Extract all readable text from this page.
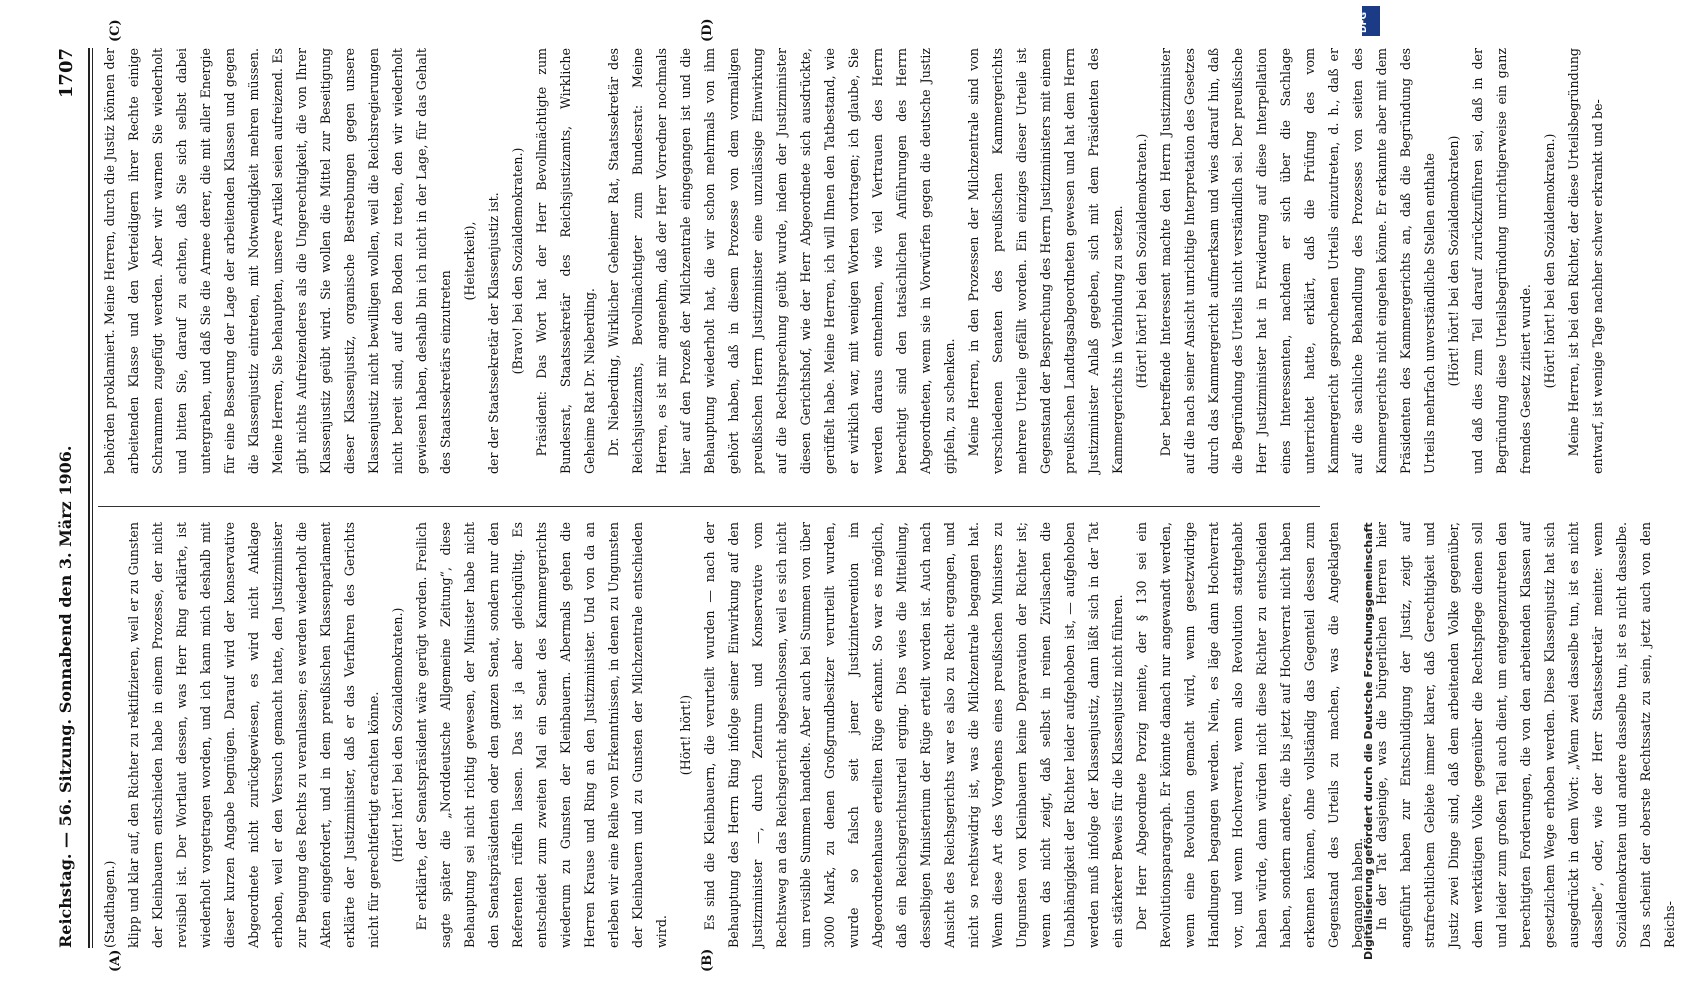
Reichstag. — 56. Sitzung. Sonnabend den 3. März 1906.
1707

(Stadthagen.) klipp und klar auf, den Richter zu rektifizieren, weil er zu Gunsten der Kleinbauern entschieden habe in einem Prozesse, der nicht revisibel ist. Der Wortlaut dessen, was Herr Ring erklärte, ist wiederholt vorgetragen worden, und ich kann mich deshalb mit dieser kurzen Angabe begnügen. Darauf wird der konservative Abgeordnete nicht zurückgewiesen, es wird nicht Anklage erhoben, weil er den Versuch gemacht hatte, den Justizminister zur Beugung des Rechts zu veranlassen; es werden wiederholt die Akten eingefordert, und in dem preußischen Klassenparlament erklärte der Justizminister, daß er das Verfahren des Gerichts nicht für gerechtfertigt erachten könne. (Hört! hört! bei den Sozialdemokraten.) Er erklärte, der Senatspräsident wäre gerügt worden. Freilich sagte später die „Norddeutsche Allgemeine Zeitung“, diese Behauptung sei nicht richtig gewesen, der Minister habe nicht den Senatspräsidenten oder den ganzen Senat, sondern nur den Referenten rüffeln lassen. Das ist ja aber gleichgültig. Es entscheidet zum zweiten Mal ein Senat des Kammergerichts wiederum zu Gunsten der Kleinbauern. Abermals gehen die Herren Krause und Ring an den Justizminister. Und von da an erleben wir eine Reihe von Erkenntnissen, in denen zu Ungunsten der Kleinbauern und zu Gunsten der Milchzentrale entschieden wird.

(Hört! hört!) Es sind die Kleinbauern, die verurteilt wurden — nach der Behauptung des Herrn Ring infolge seiner Einwirkung auf den Justizminister —, durch Zentrum und Konservative vom Rechtsweg an das Reichsgericht abgeschlossen, weil es sich nicht um revisible Summen handelte. Aber auch bei Summen von über 3000 Mark, zu denen Großgrundbesitzer verurteilt wurden, wurde so falsch seit jener Justizintervention im Abgeordnetenhause erteilten Rüge erkannt. So war es möglich, daß ein Reichsgerichtsurteil erging. Dies wies die Mitteilung, desselbigen Ministerium der Rüge erteilt worden ist. Auch nach Ansicht des Reichsgerichts war es also zu Recht ergangen, und nicht so rechtswidrig ist, was die Milchzentrale begangen hat. Wenn diese Art des Vorgehens eines preußischen Ministers zu Ungunsten von Kleinbauern keine Depravation der Richter ist; wenn das nicht zeigt, daß selbst in reinen Zivilsachen die Unabhängigkeit der Richter leider aufgehoben ist, — aufgehoben werden muß infolge der Klassenjustiz, dann läßt sich in der Tat ein stärkerer Beweis für die Klassenjustiz nicht führen. Der Herr Abgeordnete Porzig meinte, der § 130 sei ein Revolutionsparagraph. Er könnte danach nur angewandt werden, wenn eine Revolution gemacht wird, wenn gesetzwidrige Handlungen begangen werden. Nein, es läge dann Hochverrat vor, und wenn Hochverrat, wenn also Revolution stattgehabt haben würde, dann würden nicht diese Richter zu entscheiden haben, sondern andere, die bis jetzt auf Hochverrat nicht haben erkennen können, ohne vollständig das Gegenteil dessen zum Gegenstand des Urteils zu machen, was die Angeklagten begangen haben. In der Tat dasjenige, was die bürgerlichen Herren hier angeführt haben zur Entschuldigung der Justiz, zeigt auf strafrechtlichem Gebiete immer klarer, daß Gerechtigkeit und Justiz zwei Dinge sind, daß dem arbeitenden Volke gegenüber, dem werktätigen Volke gegenüber die Rechtspflege dienen soll und leider zum großen Teil auch dient, um entgegenzutreten den berechtigten Forderungen, die von den arbeitenden Klassen auf gesetzlichem Wege erhoben werden. Diese Klassenjustiz hat sich ausgedrückt in dem Wort: „Wenn zwei dasselbe tun, ist es nicht dasselbe“, oder, wie der Herr Staatssekretär meinte: wenn Sozialdemokraten und andere dasselbe tun, ist es nicht dasselbe. Das scheint der oberste Rechtssatz zu sein, jetzt auch von den Reichs-

behörden proklamiert. Meine Herren, durch die Justiz können der arbeitenden Klasse und den Verteidigern ihrer Rechte einige Schrammen zugefügt werden. Aber wir warnen Sie wiederholt und bitten Sie, darauf zu achten, daß Sie sich selbst dabei untergraben, und daß Sie die Armee derer, die mit aller Energie für eine Besserung der Lage der arbeitenden Klassen und gegen die Klassenjustiz eintreten, mit Notwendigkeit mehren müssen. Meine Herren, Sie behaupten, unsere Artikel seien aufreizend. Es gibt nichts Aufreizenderes als die Ungerechtigkeit, die von Ihrer Klassenjustiz geübt wird. Sie wollen die Mittel zur Beseitigung dieser Klassenjustiz, organische Bestrebungen gegen unsere Klassenjustiz nicht bewilligen wollen, weil die Reichsregierungen nicht bereit sind, auf den Boden zu treten, den wir wiederholt gewiesen haben, deshalb bin ich nicht in der Lage, für das Gehalt des Staatssekretärs einzutreten

(Heiterkeit), der der Staatssekretär der Klassenjustiz ist. (Bravo! bei den Sozialdemokraten.) Präsident: Das Wort hat der Herr Bevollmächtigte zum Bundesrat, Staatssekretär des Reichsjustizamts, Wirkliche Geheime Rat Dr. Nieberding. Dr. Nieberding, Wirklicher Geheimer Rat, Staatssekretär des Reichsjustizamts, Bevollmächtigter zum Bundesrat: Meine Herren, es ist mir angenehm, daß der Herr Vorredner nochmals hier auf den Prozeß der Milchzentrale eingegangen ist und die Behauptung wiederholt hat, die wir schon mehrmals von ihm gehört haben, daß in diesem Prozesse von dem vormaligen preußischen Herrn Justizminister eine unzulässige Einwirkung auf die Rechtsprechung geübt wurde, indem der Justizminister diesen Gerichtshof, wie der Herr Abgeordnete sich ausdrückte, gerüffelt habe. Meine Herren, ich will Ihnen den Tatbestand, wie er wirklich war, mit wenigen Worten vortragen; ich glaube, Sie werden daraus entnehmen, wie viel Vertrauen des Herrn berechtigt sind den tatsächlichen Anführungen des Herrn Abgeordneten, wenn sie in Vorwürfen gegen die deutsche Justiz gipfeln, zu schenken. Meine Herren, in den Prozessen der Milchzentrale sind von verschiedenen Senaten des preußischen Kammergerichts mehrere Urteile gefällt worden. Ein einziges dieser Urteile ist Gegenstand der Besprechung des Herrn Justizministers mit einem preußischen Landtagsabgeordneten gewesen und hat dem Herrn Justizminister Anlaß gegeben, sich mit dem Präsidenten des Kammergerichts in Verbindung zu setzen. (Hört! hört! bei den Sozialdemokraten.) Der betreffende Interessent machte den Herrn Justizminister auf die nach seiner Ansicht unrichtige Interpretation des Gesetzes durch das Kammergericht aufmerksam und wies darauf hin, daß die Begründung des Urteils nicht verständlich sei. Der preußische Herr Justizminister hat in Erwiderung auf diese Interpellation eines Interessenten, nachdem er sich über die Sachlage unterrichtet hatte, erklärt, daß die Prüfung des vom Kammergericht gesprochenen Urteils einzutreten, d. h., daß er auf die sachliche Behandlung des Prozesses von seiten des Kammergerichts nicht eingehen könne. Er erkannte aber mit dem Präsidenten des Kammergerichts an, daß die Begründung des Urteils mehrfach unverständliche Stellen enthalte (Hört! hört! bei den Sozialdemokraten) und daß dies zum Teil darauf zurückzuführen sei, daß in der Begründung diese Urteilsbegründung unrichtigerweise ein ganz fremdes Gesetz zitiert wurde. (Hört! hört! bei den Sozialdemokraten.) Meine Herren, ist bei den Richter, der diese Urteilsbegründung entwarf, ist wenige Tage nachher schwer erkrankt und be-

(A)	(B)
(C)	(D)	DFG
Digitalisierung gefördert durch die Deutsche Forschungsgemeinschaft
